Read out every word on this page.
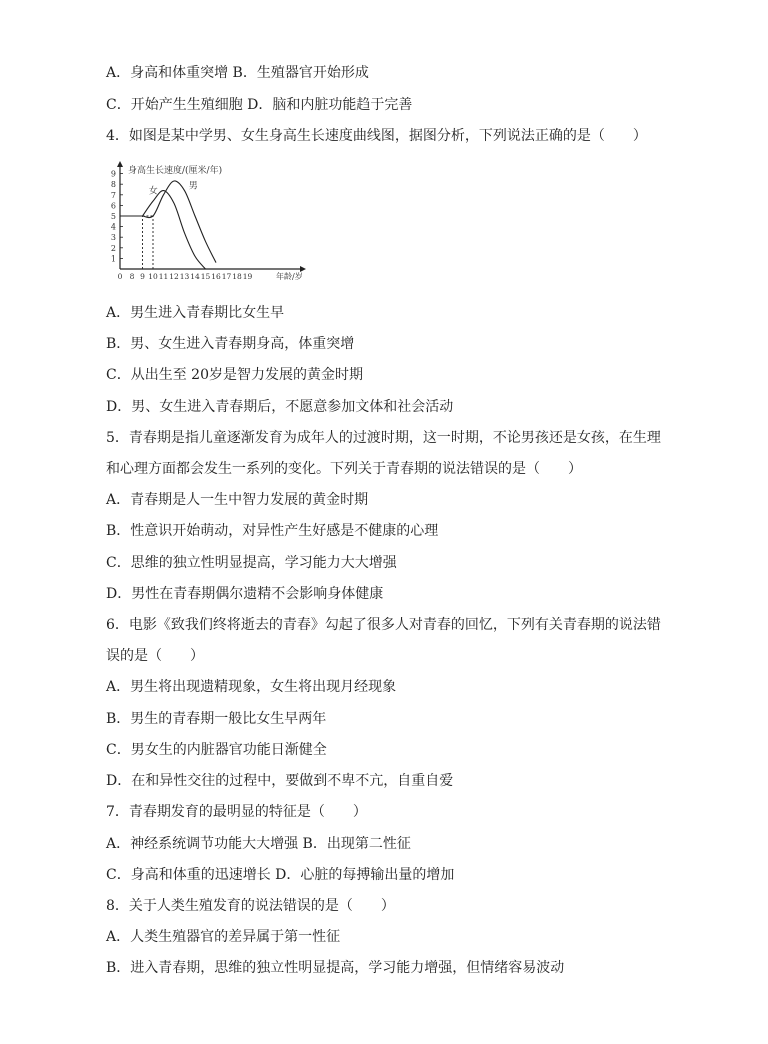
A．身高和体重突增 B．生殖器官开始形成
C．开始产生生殖细胞 D．脑和内脏功能趋于完善
4．如图是某中学男、女生身高生长速度曲线图，据图分析，下列说法正确的是（　　）
1
2
3
4
5
6
7
8
9
0 8 9 10 11 12 13 14 15 16 17 18 19
身高生长速度/(厘米/年)
年龄/岁
女
男
A．男生进入青春期比女生早
B．男、女生进入青春期身高，体重突增
C．从出生至 20岁是智力发展的黄金时期
D．男、女生进入青春期后，不愿意参加文体和社会活动
5．青春期是指儿童逐渐发育为成年人的过渡时期，这一时期，不论男孩还是女孩，在生理
和心理方面都会发生一系列的变化。下列关于青春期的说法错误的是（　　）
A．青春期是人一生中智力发展的黄金时期
B．性意识开始萌动，对异性产生好感是不健康的心理
C．思维的独立性明显提高，学习能力大大增强
D．男性在青春期偶尔遗精不会影响身体健康
6．电影《致我们终将逝去的青春》勾起了很多人对青春的回忆，下列有关青春期的说法错
误的是（　　）
A．男生将出现遗精现象，女生将出现月经现象
B．男生的青春期一般比女生早两年
C．男女生的内脏器官功能日渐健全
D．在和异性交往的过程中，要做到不卑不亢，自重自爱
7．青春期发育的最明显的特征是（　　）
A．神经系统调节功能大大增强 B．出现第二性征
C．身高和体重的迅速增长 D．心脏的每搏输出量的增加
8．关于人类生殖发育的说法错误的是（　　）
A．人类生殖器官的差异属于第一性征
B．进入青春期，思维的独立性明显提高，学习能力增强，但情绪容易波动
